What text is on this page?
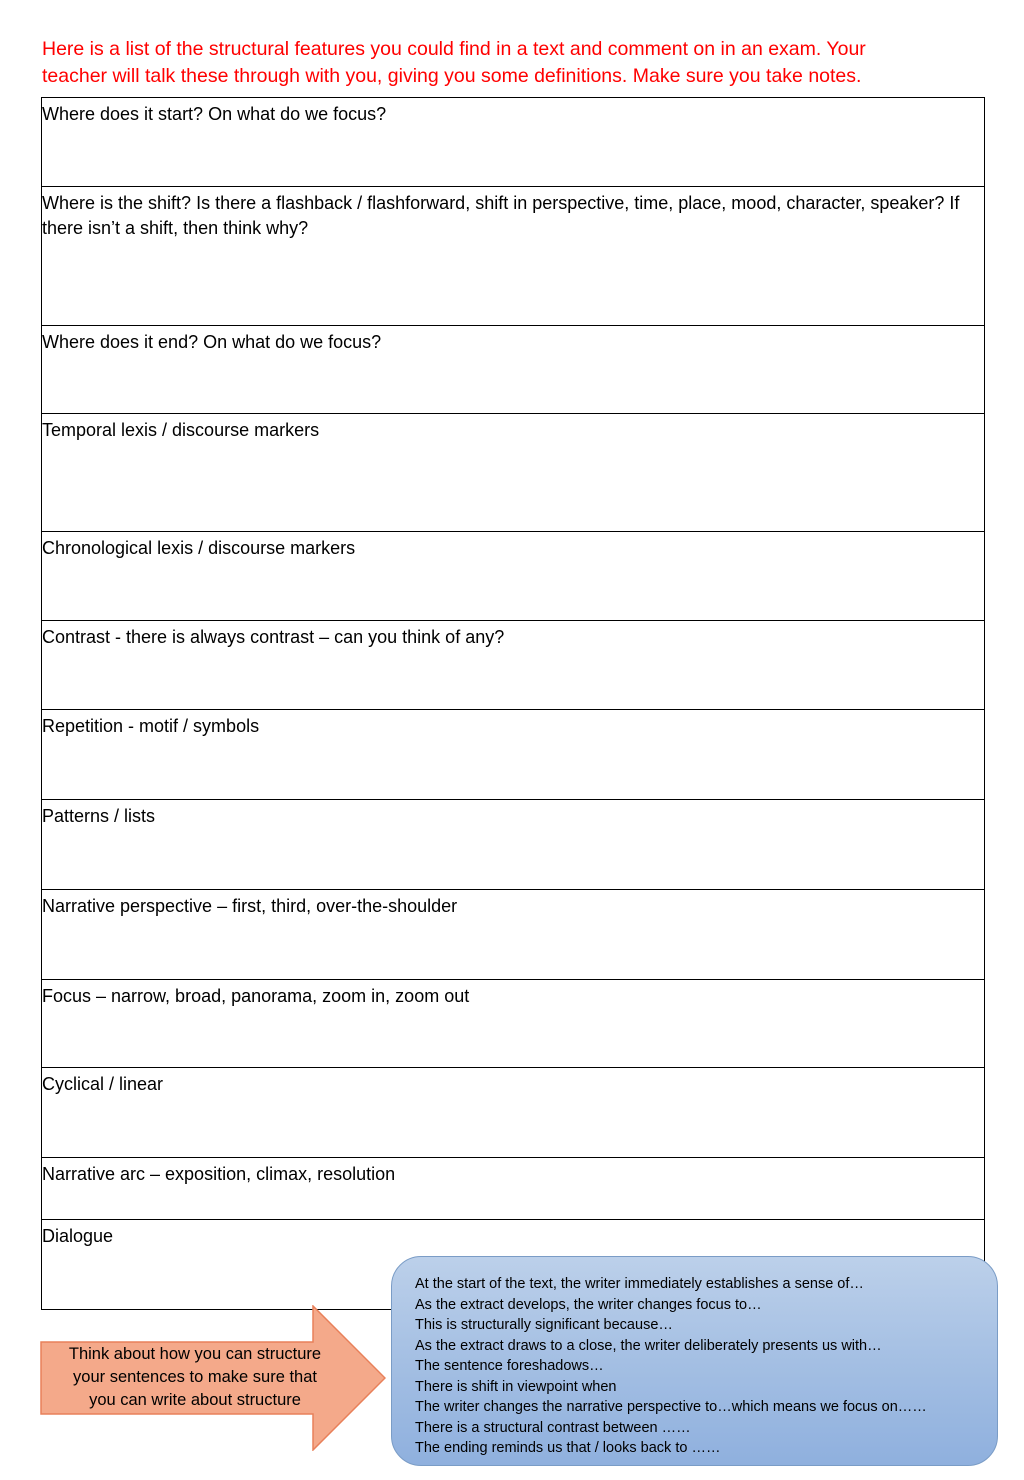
Here is a list of the structural features you could find in a text and comment on in an exam. Your
teacher will talk these through with you, giving you some definitions. Make sure you take notes.
Where does it start? On what do we focus?

Where is the shift? Is there a flashback / flashforward, shift in perspective, time, place, mood, character, speaker? If there isn’t a shift, then think why?

Where does it end? On what do we focus?

Temporal lexis / discourse markers

Chronological lexis / discourse markers

Contrast - there is always contrast – can you think of any?

Repetition - motif / symbols

Patterns / lists

Narrative perspective – first, third, over-the-shoulder

Focus – narrow, broad, panorama, zoom in, zoom out

Cyclical / linear

Narrative arc – exposition, climax, resolution

Dialogue
Think about how you can structure
your sentences to make sure that
you can write about structure
At the start of the text, the writer immediately establishes a sense of…
As the extract develops, the writer changes focus to…
This is structurally significant because…
As the extract draws to a close, the writer deliberately presents us with…
The sentence foreshadows…
There is shift in viewpoint when
The writer changes the narrative perspective to…which means we focus on……
There is a structural contrast between ……
The ending reminds us that / looks back to ……
